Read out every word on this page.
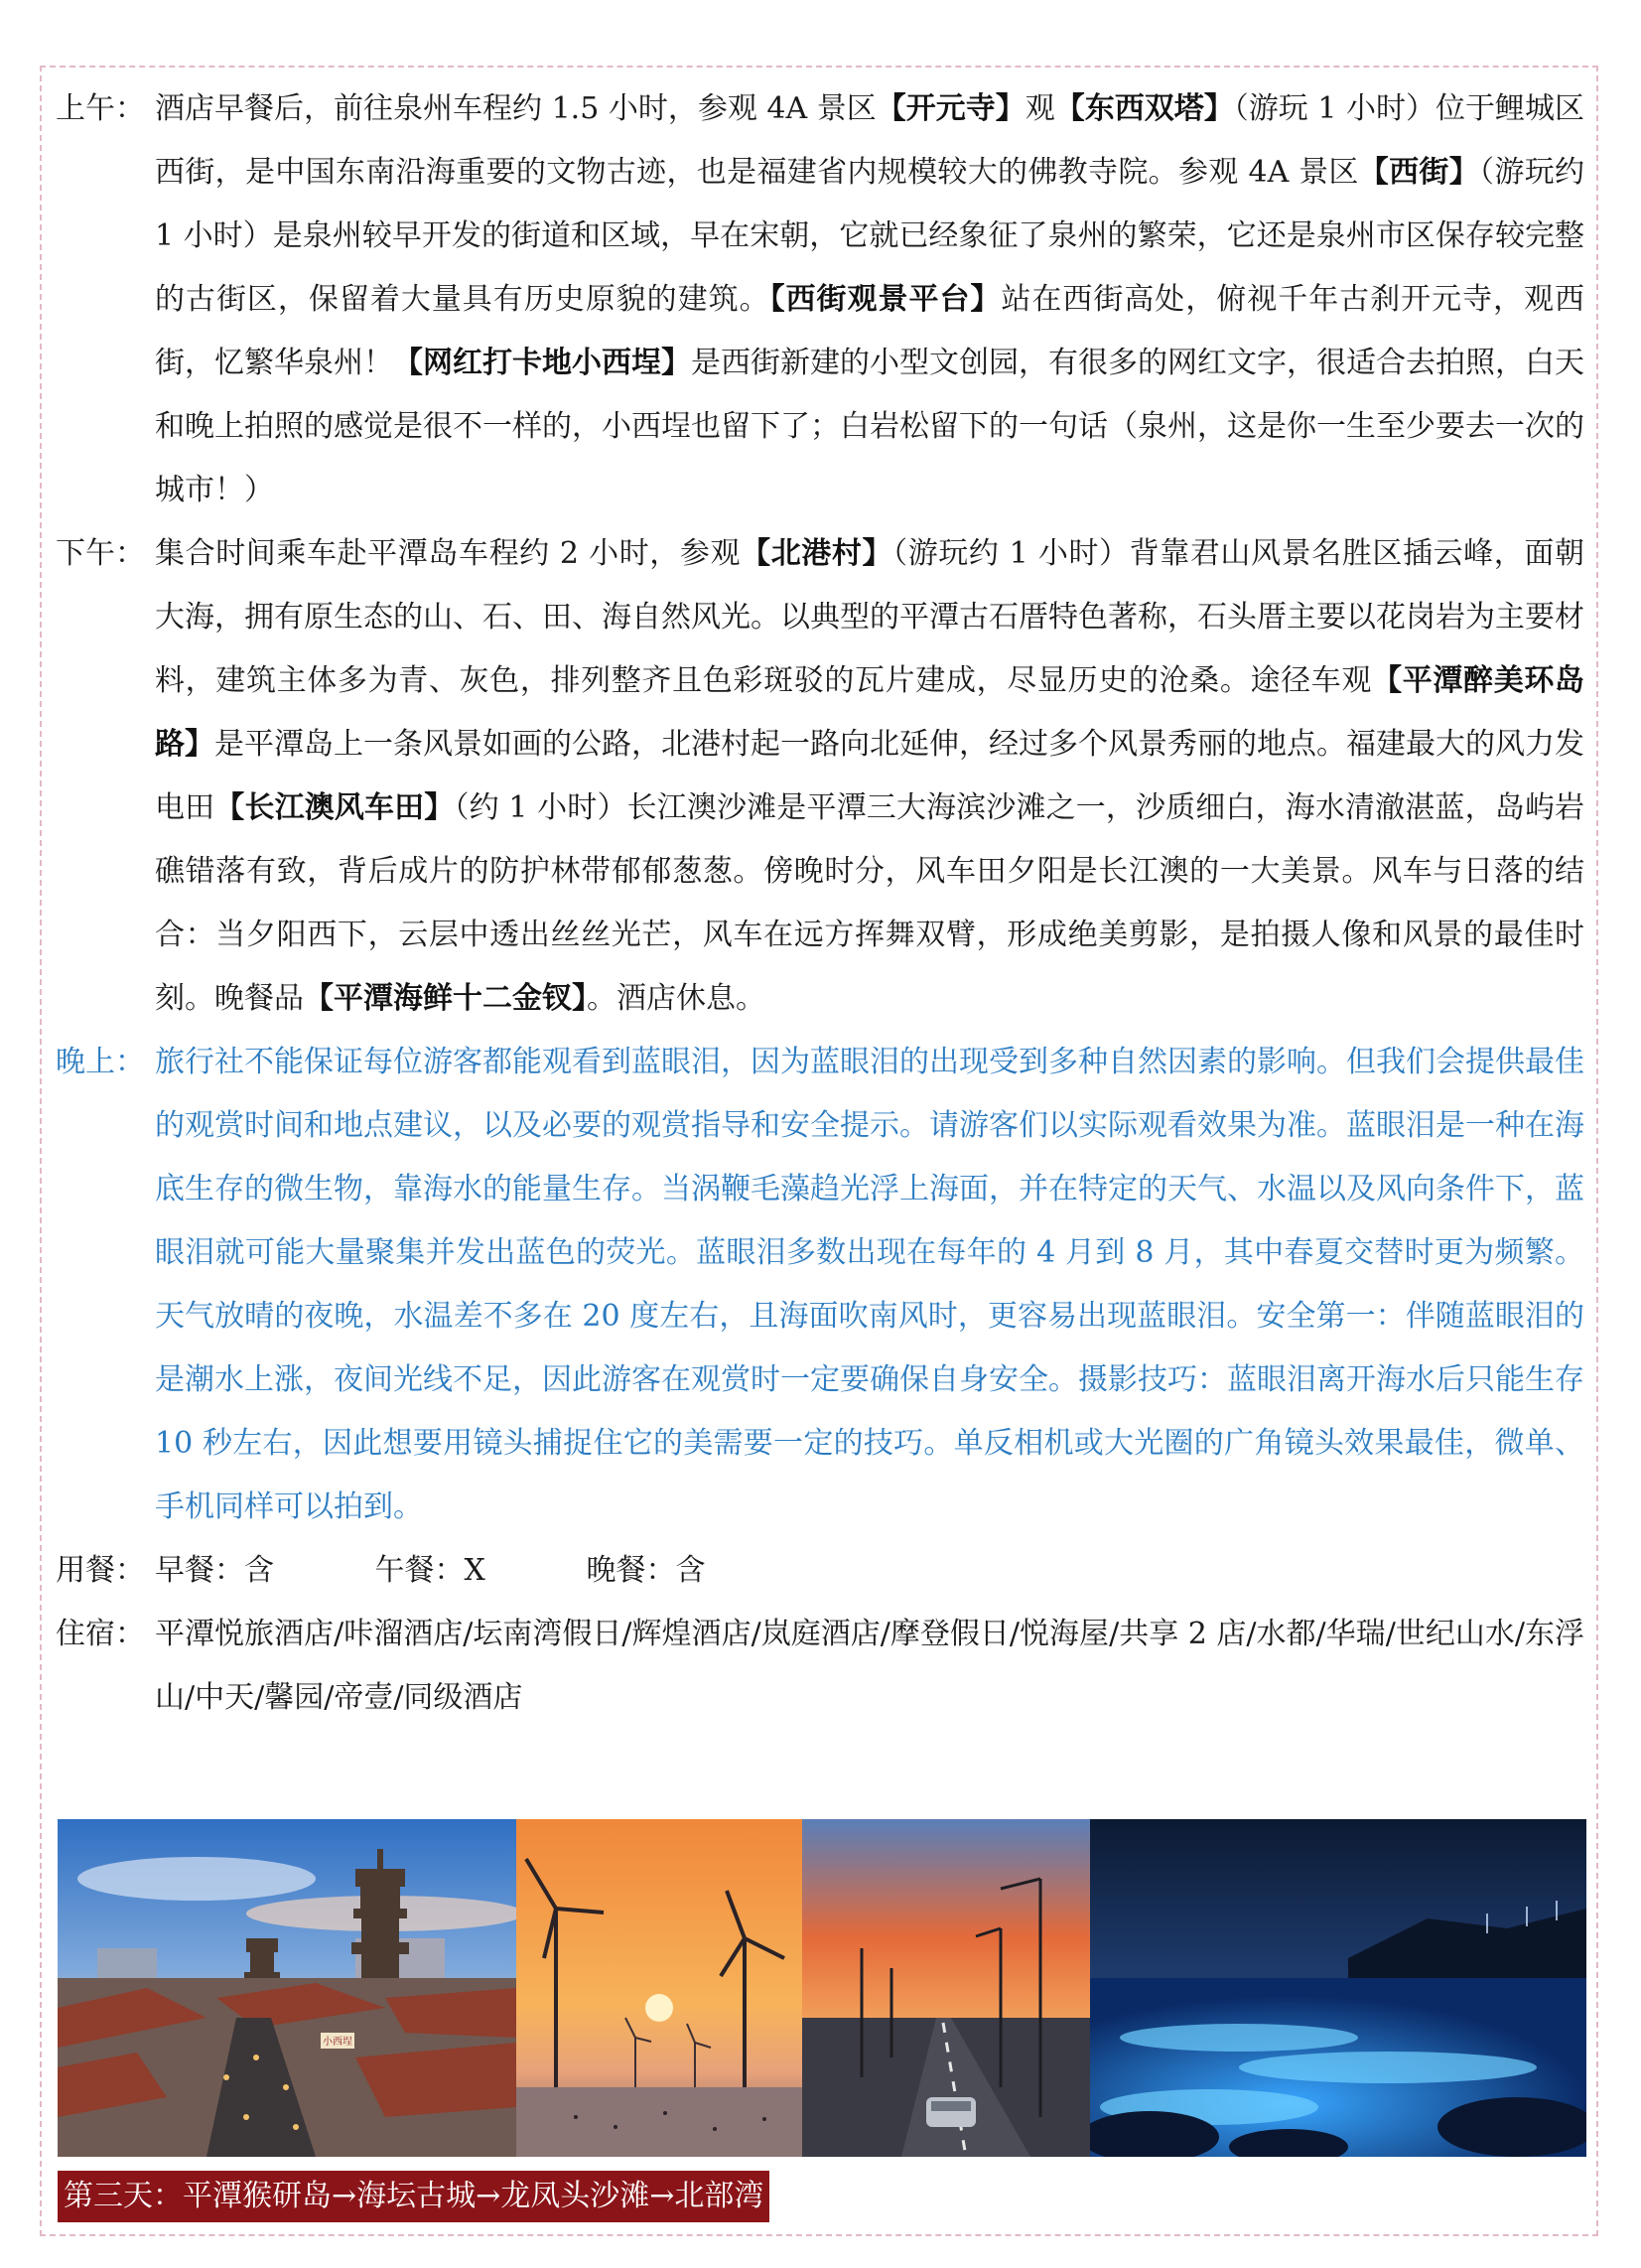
上午： 酒店早餐后，前往泉州车程约 1.5 小时，参观 4A 景区【开元寺】观【东西双塔】（游玩 1 小时）位于鲤城区西街，是中国东南沿海重要的文物古迹，也是福建省内规模较大的佛教寺院。参观 4A 景区【西街】（游玩约 1 小时）是泉州较早开发的街道和区域，早在宋朝，它就已经象征了泉州的繁荣，它还是泉州市区保存较完整的古街区，保留着大量具有历史原貌的建筑。【西街观景平台】站在西街高处，俯视千年古刹开元寺，观西街，忆繁华泉州！【网红打卡地小西埕】是西街新建的小型文创园，有很多的网红文字，很适合去拍照，白天和晚上拍照的感觉是很不一样的，小西埕也留下了；白岩松留下的一句话（泉州，这是你一生至少要去一次的城市！）
下午： 集合时间乘车赴平潭岛车程约 2 小时，参观【北港村】（游玩约 1 小时）背靠君山风景名胜区插云峰，面朝大海，拥有原生态的山、石、田、海自然风光。以典型的平潭古石厝特色著称，石头厝主要以花岗岩为主要材料，建筑主体多为青、灰色，排列整齐且色彩斑驳的瓦片建成，尽显历史的沧桑。途径车观【平潭醉美环岛路】是平潭岛上一条风景如画的公路，北港村起一路向北延伸，经过多个风景秀丽的地点。福建最大的风力发电田【长江澳风车田】（约 1 小时）长江澳沙滩是平潭三大海滨沙滩之一，沙质细白，海水清澈湛蓝，岛屿岩礁错落有致，背后成片的防护林带郁郁葱葱。傍晚时分，风车田夕阳是长江澳的一大美景。风车与日落的结合：当夕阳西下，云层中透出丝丝光芒，风车在远方挥舞双臂，形成绝美剪影，是拍摄人像和风景的最佳时刻。晚餐品【平潭海鲜十二金钗】。酒店休息。
晚上： 旅行社不能保证每位游客都能观看到蓝眼泪，因为蓝眼泪的出现受到多种自然因素的影响。但我们会提供最佳的观赏时间和地点建议，以及必要的观赏指导和安全提示。请游客们以实际观看效果为准。蓝眼泪是一种在海底生存的微生物，靠海水的能量生存。当涡鞭毛藻趋光浮上海面，并在特定的天气、水温以及风向条件下，蓝眼泪就可能大量聚集并发出蓝色的荧光。蓝眼泪多数出现在每年的 4 月到 8 月，其中春夏交替时更为频繁。天气放晴的夜晚，水温差不多在 20 度左右，且海面吹南风时，更容易出现蓝眼泪。安全第一：伴随蓝眼泪的是潮水上涨，夜间光线不足，因此游客在观赏时一定要确保自身安全。摄影技巧：蓝眼泪离开海水后只能生存 10 秒左右，因此想要用镜头捕捉住它的美需要一定的技巧。单反相机或大光圈的广角镜头效果最佳，微单、手机同样可以拍到。
用餐： 早餐：含	午餐：X	晚餐：含
住宿： 平潭悦旅酒店/咔溜酒店/坛南湾假日/辉煌酒店/岚庭酒店/摩登假日/悦海屋/共享 2 店/水都/华瑞/世纪山水/东浮山/中天/馨园/帝壹/同级酒店
小西埕
第三天：平潭猴研岛→海坛古城→龙凤头沙滩→北部湾
